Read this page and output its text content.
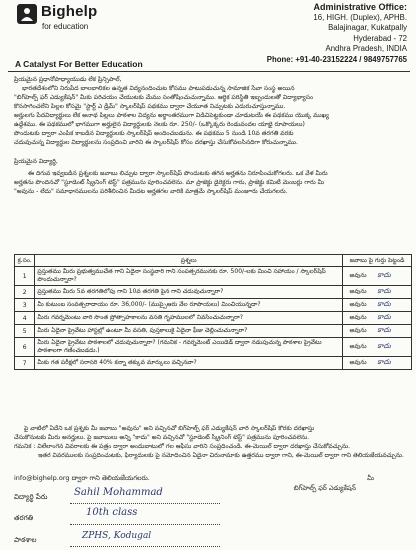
Bighelp
for education
A Catalyst For Better Education
Administrative Office:
16, HIGH. (Duplex), APHB.
Balajinagar, Kukatpally
Hyderabad - 72
Andhra Pradesh, INDIA
Phone: +91-40-23152224 / 9849757765
ప్రియమైన ప్రధానోపాధ్యాయుడు లేక ప్రిన్సిపాల్,
భారతదేశంలోని నిరుపేద బాలబాలికల ఉన్నత విద్యనందించుట కోసము పాటుపడుచున్న సామాజిక సేవా సంస్థ అయిన
"బిగ్‌హెల్ప్ ఫర్ ఎడ్యుకేషన్" మీకు పరిచయం చేయుటకు మేము సంతోషించుచున్నాము. ఆర్థిక పరిస్థితి ఇబ్బందులతో విద్యాభ్యాసం
కొనసాగించలేని పిల్లల కోసమై "స్టార్ట్ ఎ డ్రీమ్" స్కాలర్‌షిప్ పథకము ద్వారా చేయూత నిచ్చుటకు ఎదురుచూస్తున్నాము.
అర్హులగు పేదవిద్యార్థులు లేక అనాథ పిల్లలు పాఠశాల విద్యను అర్థాంతరముగా విడిచిపెట్టకుండా చూడుటయే ఈ పథకము యొక్క ముఖ్య
ఉద్దేశము. ఈ పథకములో భాగముగా అర్హులైన విద్యార్థులకు నెలకు రూ. 250/- (ఒక్కొక్కరు రెండువందల యాభై రూపాయలు)
పొందుటకు ద్వారా ఎంపిక కాబడిన విద్యార్థులకు స్కాలర్‌షిప్ అందించబడును. ఈ పథకము 5 నుండి 10వ తరగతి వరకు
చదువుచున్న విద్యార్థుల విద్యార్థులను సంప్రదించి వారిని ఈ స్కాలర్‌షిప్ కోసం దరఖాస్తు చేసుకోవలసినదిగా కోరుచున్నాము.
ప్రియమైన విద్యార్థి,
ఈ దిగువ ఇవ్వబడిన ప్రశ్నలకు జవాబు లిచ్చుట ద్వారా స్కాలర్‌షిప్ పొందుటకు తగిన అర్హతను నిరూపించుకోగలరు. ఒక వేళ మీరు
అర్హతను పొందినచో "స్టూడెంట్ స్క్రీనింగ్ టెస్ట్" పత్రమును పూరించవలెను. మా ప్రాజెక్టు డైరెక్టరు గారు, ప్రాజెక్టు కమిటీ మెంబర్లు గారు మీ
"అవును - లేదు" సమాధానములను పరిశీలించిన మీదట అర్హతగల వారికి మాత్రమే స్కాలర్‌షిప్ మంజూరు చేయగలరు.
క్ర.సం.	ప్రశ్నలు	జవాబు పై గుర్తు పెట్టండి
1	ప్రస్తుతము మీరు ప్రభుత్వముచేత గాని ఏదైనా సంస్థవారి గాని సంపత్సరమునకు రూ. 500/-లకు మించి సహాయం / స్కాలర్‌షిప్ పొందుచున్నారా?	అవును కాదు
2	ప్రస్తుతము మీరు 5వ తరగతిలోపు గాని 10వ తరగతి పైన గాని చదువుచున్నారా?	అవును కాదు
3	మీ కుటుంబ సంవత్సరాదాయం రూ. 36,000/- (ముప్పైఆరు వేల రూపాయలు) మించియున్నదా?	అవును కాదు
4	మీరు గవర్నమెంటు వారి సొంత ప్రోత్సాహకాలను వసతి గృహములలో నివసించుచున్నారా?	అవును కాదు
5	మీరు ఏదైనా ప్రైవేటు హాస్టల్లో ఉంటూ మీ వసతి, పుస్తకాలుకై ఏదైనా ఫీజు చెల్లించుచున్నారా?	అవును కాదు
6	మీరు ఏదైనా ప్రైవేటు పాఠశాలలో చదువుచున్నారా? (గమనిక - గవర్నమెంట్ ఎయిడెడ్ ద్వారా నడుపుచున్న పాఠశాల ప్రైవేటు పాఠశాలగా గణించబడదు.)	అవును కాదు
7	మీకు గత పరీక్షలో సరాసరి 40% కన్నా తక్కువ మార్కులు వచ్చినవా?	అవును కాదు
పై వాటిలో ఏదేని ఒక ప్రశ్నకు మీ జవాబు "అవును" అని వచ్చినచో బిగ్‌హెల్ప్ ఫర్ ఎడ్యుకేషన్ వారి స్కాలర్‌షిప్ కొరకు దరఖాస్తు
చేసుకొనుటకు మీరు అనర్హులు. పై జవాబులు అన్ని "కాదు" అని వచ్చినచో "స్టూడెంట్ స్క్రీనింగ్ టెస్ట్" పత్రమును పూరించవలెను.
గమనిక : విలేలాంగెన వివరాలకు ఈ పత్రం ద్వారా అందుబాటులో గల ఆఫీసు వారిని సంప్రదించండి. ఈ-మెయిల్ ద్వారా దరఖాస్తు చేసుకోవచ్చును.
ఇతర వివరములకు సంప్రదించుటకు, ఫిర్యాదులకు పై నమోదించిన ఏదైనా చిరునామాకు ఉత్తరము ద్వారా గాని, ఈ-మెయిల్ ద్వారా గాని తెలియజేయవచ్చును.
info@bighelp.org ద్వారా గాని తెలియజేయగలరు.	మీ
బిగ్‌హెల్ప్ ఫర్ ఎడ్యుకేషన్
విద్యార్థి పేరు	Sahil Mohammad
తరగతి	10th class
పాఠశాల	ZPHS, Kodugal
